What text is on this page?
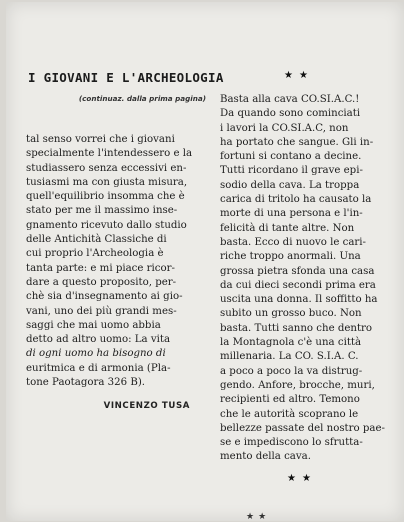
I GIOVANI E L'ARCHEOLOGIA
(continuaz. dalla prima pagina)
tal senso vorrei che i giovani
specialmente l'intendessero e la
studiassero senza eccessivi en-
tusiasmi ma con giusta misura,
quell'equilibrio insomma che è
stato per me il massimo inse-
gnamento ricevuto dallo studio
delle Antichità Classiche di
cui proprio l'Archeologia è
tanta parte: e mi piace ricor-
dare a questo proposito, per-
chè sia d'insegnamento ai gio-
vani, uno dei più grandi mes-
saggi che mai uomo abbia
detto ad altro uomo: La vita
di ogni uomo ha bisogno di
euritmica e di armonia (Pla-
tone Paotagora 326 B).
VINCENZO TUSA
★★
Basta alla cava CO.SI.A.C.!
Da quando sono cominciati
i lavori la CO.SI.A.C, non
ha portato che sangue. Gli in-
fortuni si contano a decine.
Tutti ricordano il grave epi-
sodio della cava. La troppa
carica di tritolo ha causato la
morte di una persona e l'in-
felicità di tante altre. Non
basta. Ecco di nuovo le cari-
riche troppo anormali. Una
grossa pietra sfonda una casa
da cui dieci secondi prima era
uscita una donna. Il soffitto ha
subito un grosso buco. Non
basta. Tutti sanno che dentro
la Montagnola c'è una città
millenaria. La CO. S.I.A. C.
a poco a poco la va distrug-
gendo. Anfore, brocche, muri,
recipienti ed altro. Temono
che le autorità scoprano le
bellezze passate del nostro pae-
se e impediscono lo sfrutta-
mento della cava.
★★
★★
